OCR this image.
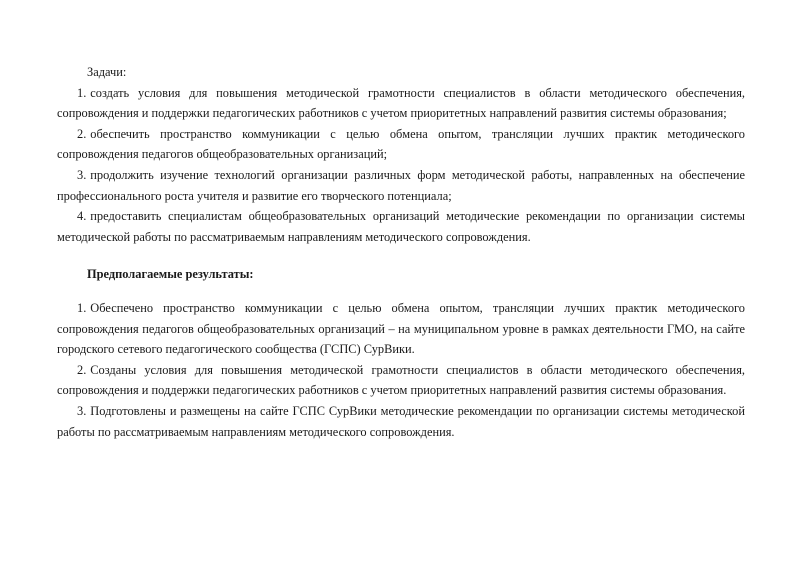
Задачи:

1. создать условия для повышения методической грамотности специалистов в области методического обеспечения, сопровождения и поддержки педагогических работников с учетом приоритетных направлений развития системы образования;

2. обеспечить пространство коммуникации с целью обмена опытом, трансляции лучших практик методического сопровождения педагогов общеобразовательных организаций;

3. продолжить изучение технологий организации различных форм методической работы, направленных на обеспечение профессионального роста учителя и развитие его творческого потенциала;

4. предоставить специалистам общеобразовательных организаций методические рекомендации по организации системы методической работы по рассматриваемым направлениям методического сопровождения.

Предполагаемые результаты:

1. Обеспечено пространство коммуникации с целью обмена опытом, трансляции лучших практик методического сопровождения педагогов общеобразовательных организаций – на муниципальном уровне в рамках деятельности ГМО, на сайте городского сетевого педагогического сообщества (ГСПС) СурВики.

2. Созданы условия для повышения методической грамотности специалистов в области методического обеспечения, сопровождения и поддержки педагогических работников с учетом приоритетных направлений развития системы образования.

3. Подготовлены и размещены на сайте ГСПС СурВики методические рекомендации по организации системы методической работы по рассматриваемым направлениям методического сопровождения.
